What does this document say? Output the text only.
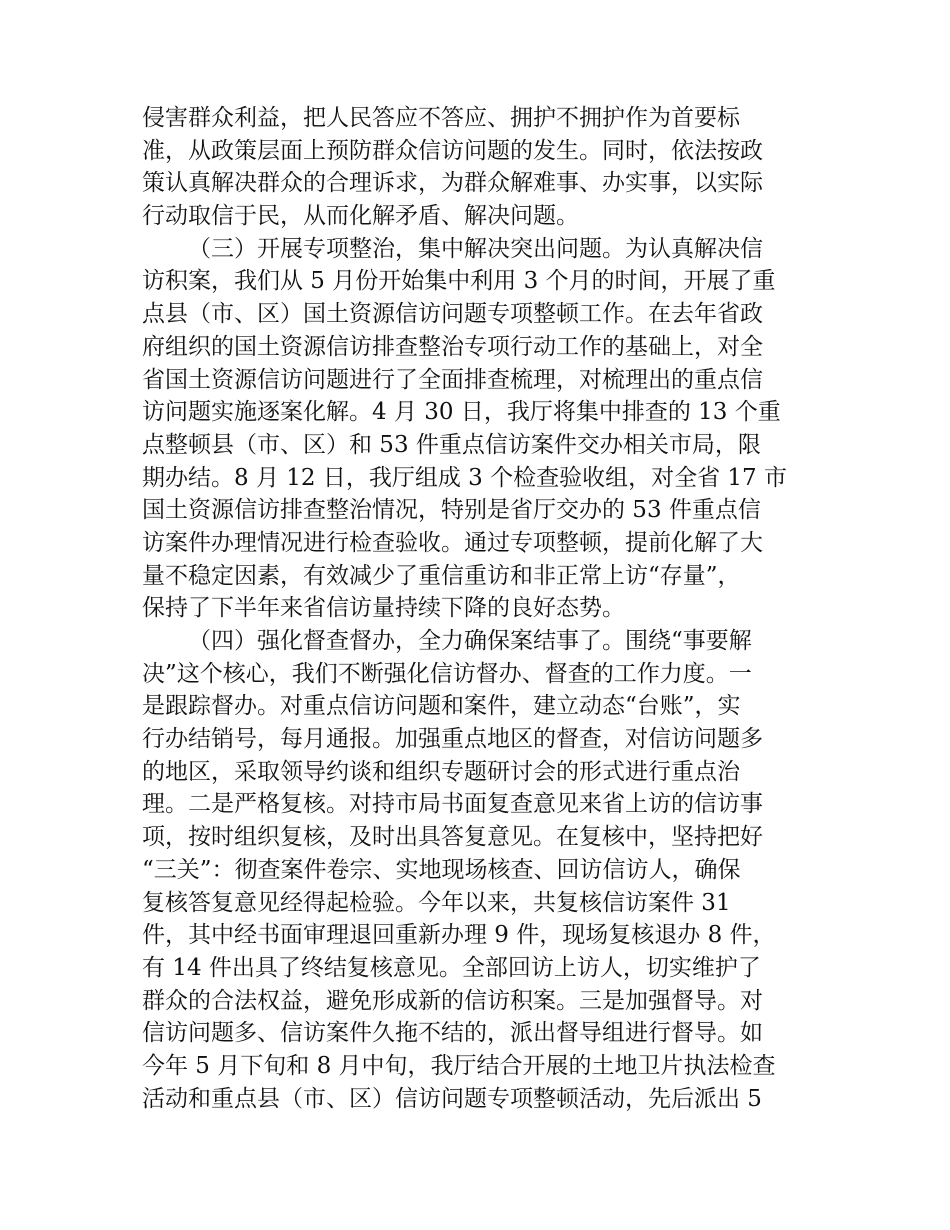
侵害群众利益，把人民答应不答应、拥护不拥护作为首要标
准，从政策层面上预防群众信访问题的发生。同时，依法按政
策认真解决群众的合理诉求，为群众解难事、办实事，以实际
行动取信于民，从而化解矛盾、解决问题。
（三）开展专项整治，集中解决突出问题。为认真解决信
访积案，我们从 5 月份开始集中利用 3 个月的时间，开展了重
点县（市、区）国土资源信访问题专项整顿工作。在去年省政
府组织的国土资源信访排查整治专项行动工作的基础上，对全
省国土资源信访问题进行了全面排查梳理，对梳理出的重点信
访问题实施逐案化解。4 月 30 日，我厅将集中排查的 13 个重
点整顿县（市、区）和 53 件重点信访案件交办相关市局，限
期办结。8 月 12 日，我厅组成 3 个检查验收组，对全省 17 市
国土资源信访排查整治情况，特别是省厅交办的 53 件重点信
访案件办理情况进行检查验收。通过专项整顿，提前化解了大
量不稳定因素，有效减少了重信重访和非正常上访“存量”，
保持了下半年来省信访量持续下降的良好态势。
（四）强化督查督办，全力确保案结事了。围绕“事要解
决”这个核心，我们不断强化信访督办、督查的工作力度。一
是跟踪督办。对重点信访问题和案件，建立动态“台账”，实
行办结销号，每月通报。加强重点地区的督查，对信访问题多
的地区，采取领导约谈和组织专题研讨会的形式进行重点治
理。二是严格复核。对持市局书面复查意见来省上访的信访事
项，按时组织复核，及时出具答复意见。在复核中，坚持把好
“三关”：彻查案件卷宗、实地现场核查、回访信访人，确保
复核答复意见经得起检验。今年以来，共复核信访案件 31
件，其中经书面审理退回重新办理 9 件，现场复核退办 8 件，
有 14 件出具了终结复核意见。全部回访上访人，切实维护了
群众的合法权益，避免形成新的信访积案。三是加强督导。对
信访问题多、信访案件久拖不结的，派出督导组进行督导。如
今年 5 月下旬和 8 月中旬，我厅结合开展的土地卫片执法检查
活动和重点县（市、区）信访问题专项整顿活动，先后派出 5
